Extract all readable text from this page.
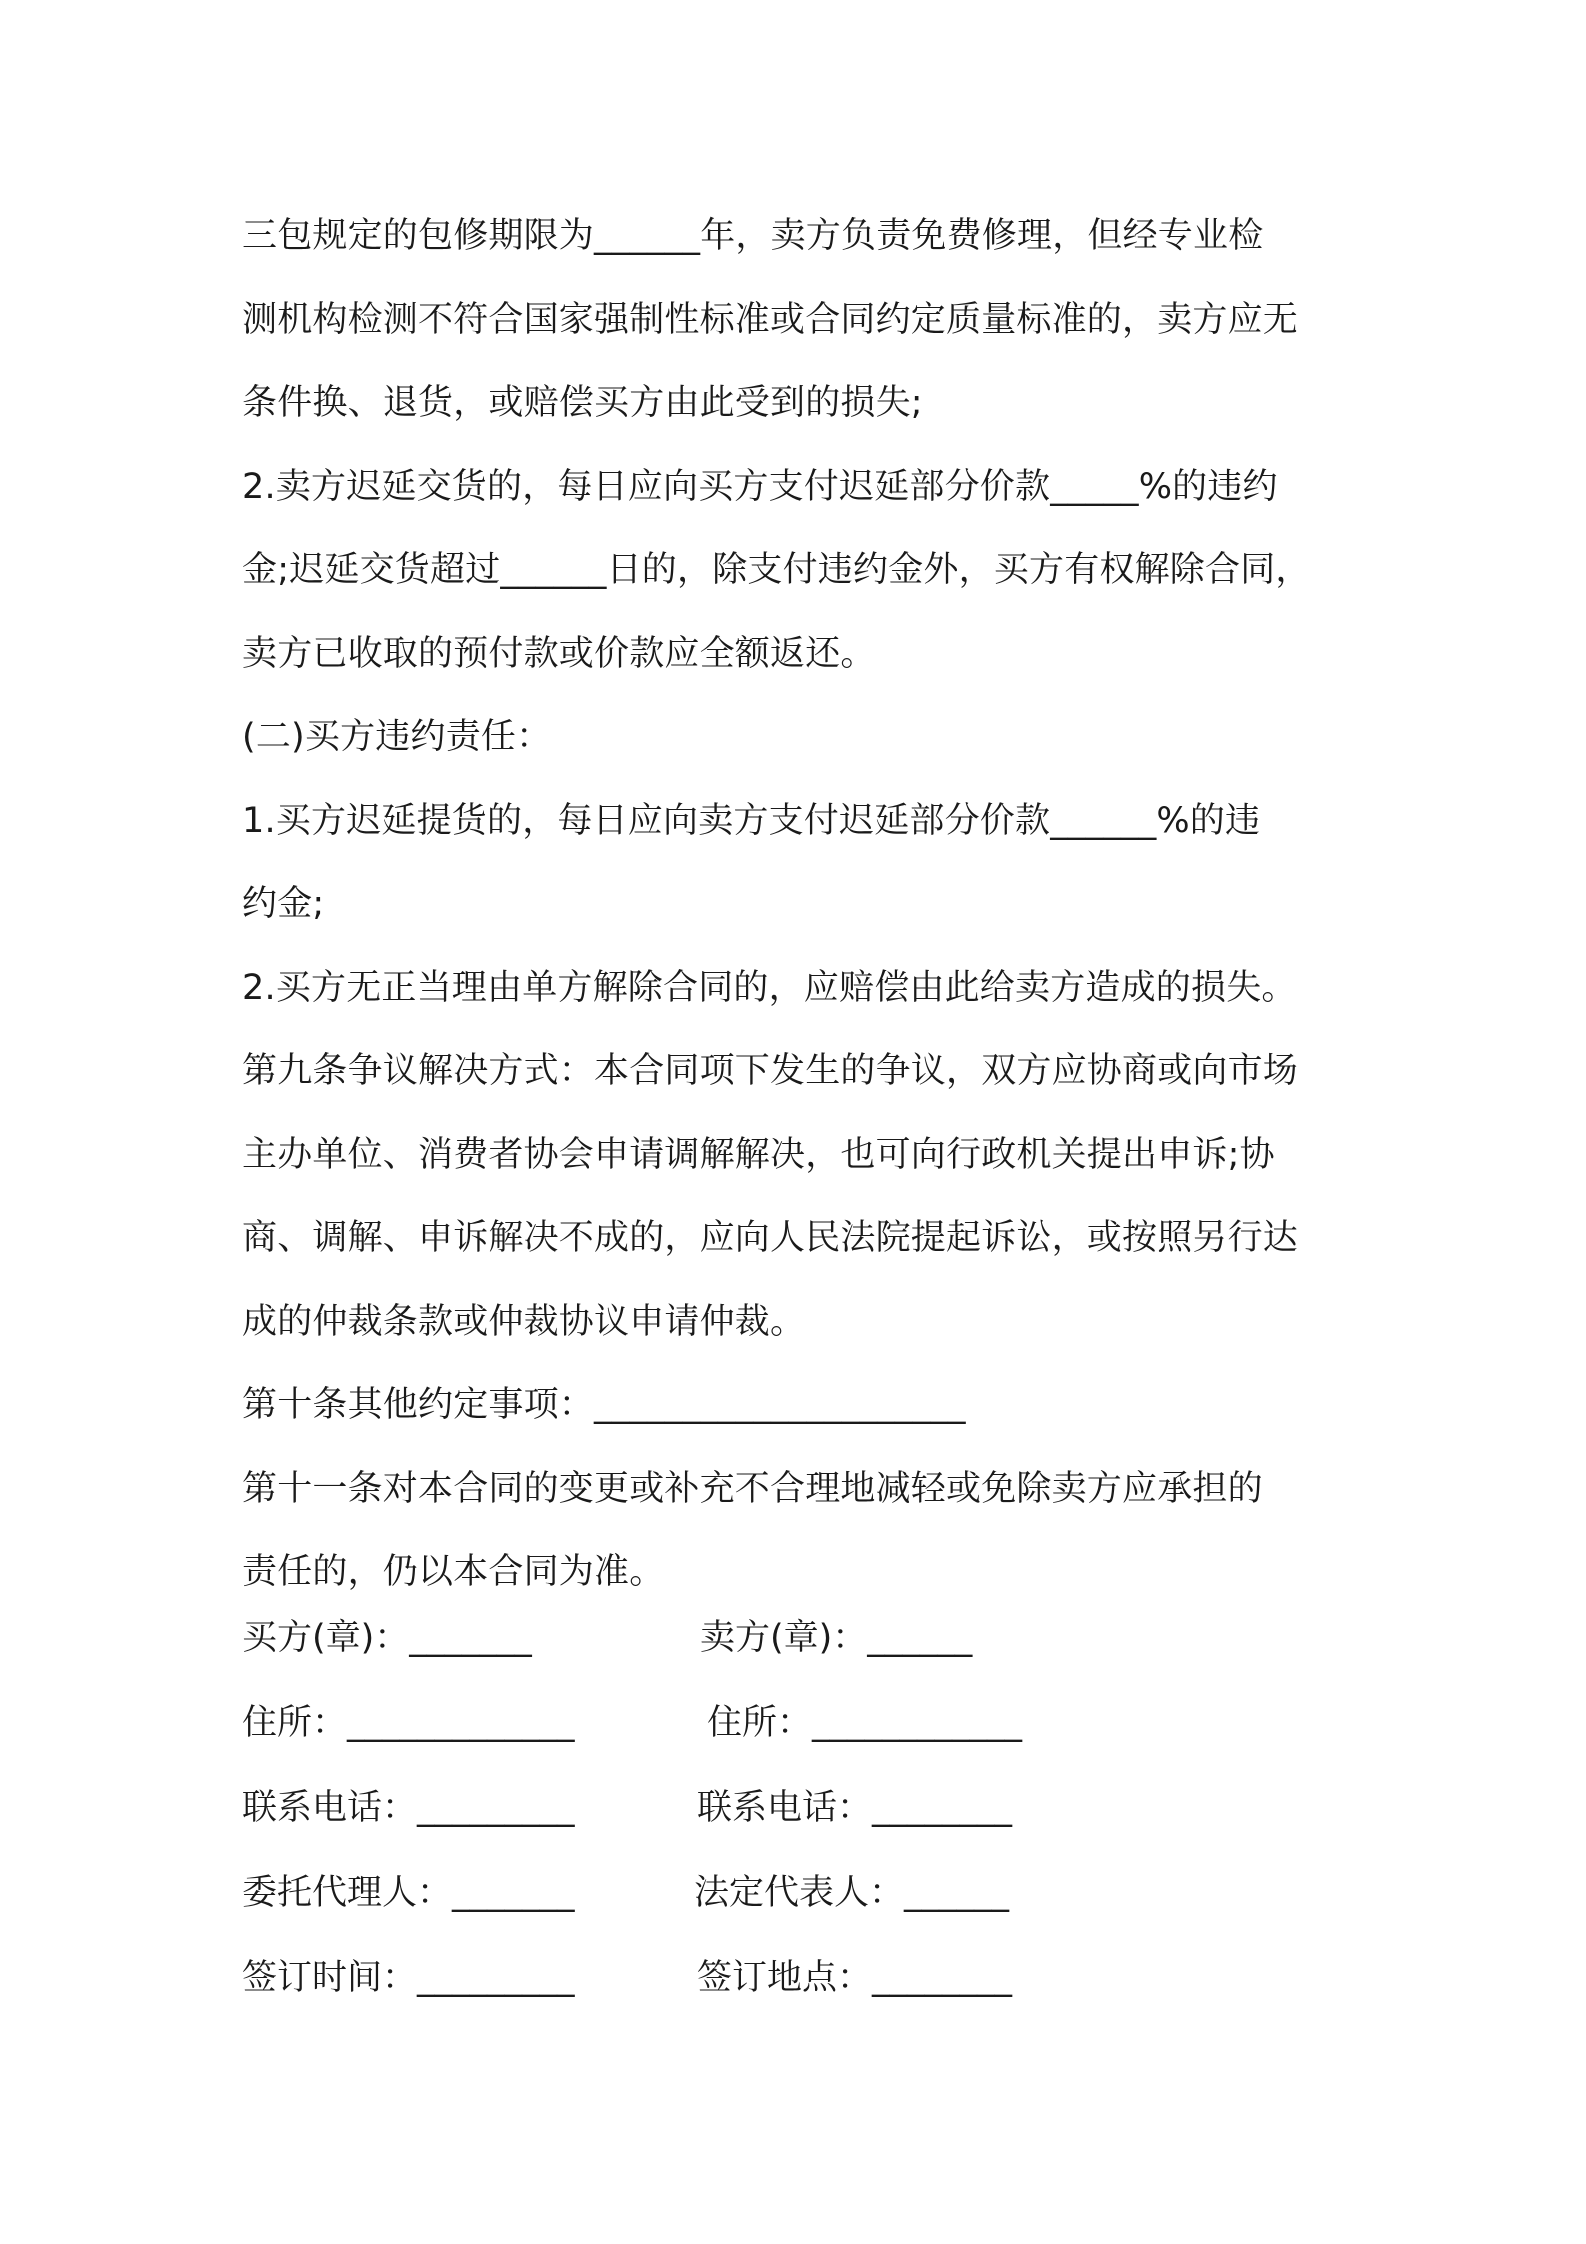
三包规定的包修期限为______年，卖方负责免费修理，但经专业检
测机构检测不符合国家强制性标准或合同约定质量标准的，卖方应无
条件换、退货，或赔偿买方由此受到的损失;
2.卖方迟延交货的，每日应向买方支付迟延部分价款_____%的违约
金;迟延交货超过______日的，除支付违约金外，买方有权解除合同，
卖方已收取的预付款或价款应全额返还。
(二)买方违约责任：
1.买方迟延提货的，每日应向卖方支付迟延部分价款______%的违
约金;
2.买方无正当理由单方解除合同的，应赔偿由此给卖方造成的损失。
第九条争议解决方式：本合同项下发生的争议，双方应协商或向市场
主办单位、消费者协会申请调解解决，也可向行政机关提出申诉;协
商、调解、申诉解决不成的，应向人民法院提起诉讼，或按照另行达
成的仲裁条款或仲裁协议申请仲裁。
第十条其他约定事项：_____________________
第十一条对本合同的变更或补充不合理地减轻或免除卖方应承担的
责任的，仍以本合同为准。
买方(章)：_______	卖方(章)：______
住所：_____________	住所：____________
联系电话：_________	联系电话：________
委托代理人：_______	法定代表人：______
签订时间：_________	签订地点：________
